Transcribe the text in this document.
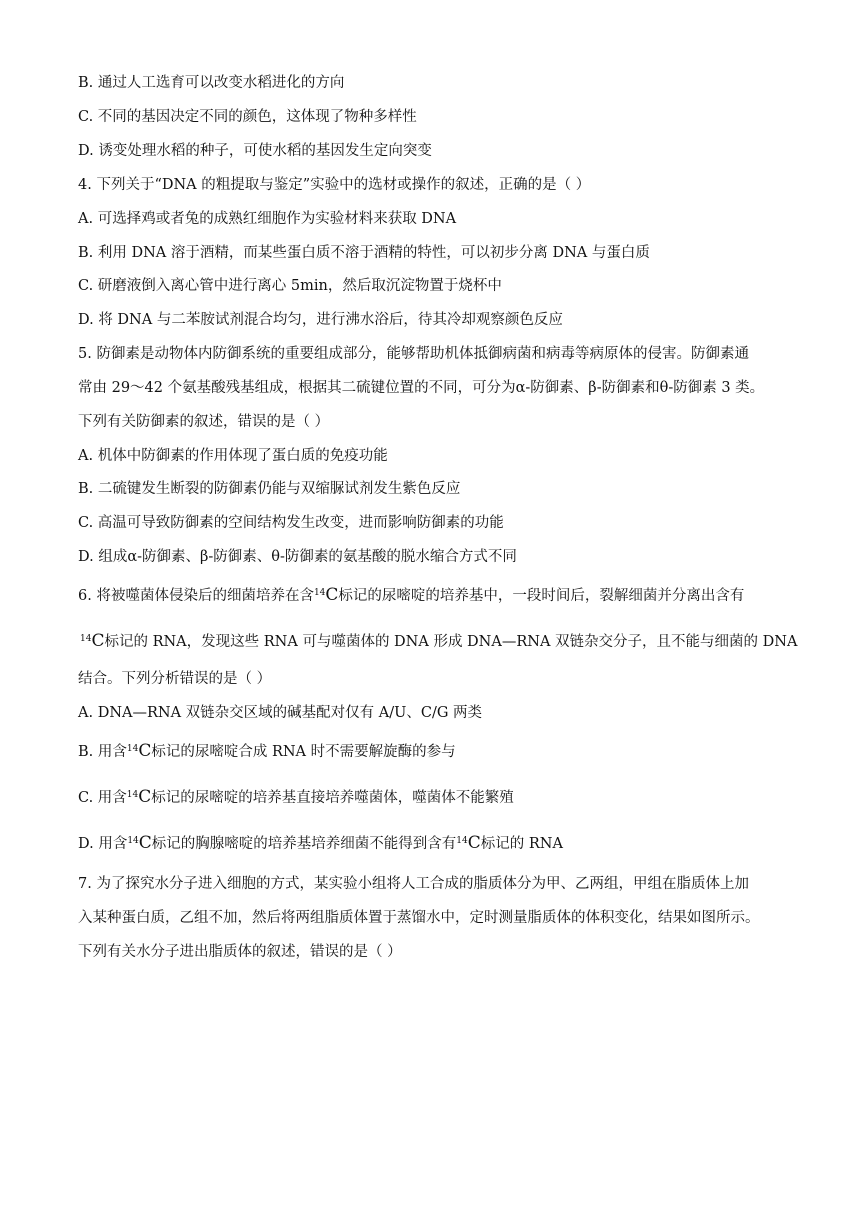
B. 通过人工选育可以改变水稻进化的方向
C. 不同的基因决定不同的颜色，这体现了物种多样性
D. 诱变处理水稻的种子，可使水稻的基因发生定向突变
4. 下列关于“DNA 的粗提取与鉴定”实验中的选材或操作的叙述，正确的是（ ）
A. 可选择鸡或者兔的成熟红细胞作为实验材料来获取 DNA
B. 利用 DNA 溶于酒精，而某些蛋白质不溶于酒精的特性，可以初步分离 DNA 与蛋白质
C. 研磨液倒入离心管中进行离心 5min，然后取沉淀物置于烧杯中
D. 将 DNA 与二苯胺试剂混合均匀，进行沸水浴后，待其冷却观察颜色反应
5. 防御素是动物体内防御系统的重要组成部分，能够帮助机体抵御病菌和病毒等病原体的侵害。防御素通
常由 29～42 个氨基酸残基组成，根据其二硫键位置的不同，可分为α-防御素、β-防御素和θ-防御素 3 类。
下列有关防御素的叙述，错误的是（ ）
A. 机体中防御素的作用体现了蛋白质的免疫功能
B. 二硫键发生断裂的防御素仍能与双缩脲试剂发生紫色反应
C. 高温可导致防御素的空间结构发生改变，进而影响防御素的功能
D. 组成α-防御素、β-防御素、θ-防御素的氨基酸的脱水缩合方式不同
6. 将被噬菌体侵染后的细菌培养在含$^{14}$C标记的尿嘧啶的培养基中，一段时间后，裂解细菌并分离出含有
$^{14}$C标记的 RNA，发现这些 RNA 可与噬菌体的 DNA 形成 DNA—RNA 双链杂交分子，且不能与细菌的 DNA
结合。下列分析错误的是（ ）
A. DNA—RNA 双链杂交区域的碱基配对仅有 A/U、C/G 两类
B. 用含$^{14}$C标记的尿嘧啶合成 RNA 时不需要解旋酶的参与
C. 用含$^{14}$C标记的尿嘧啶的培养基直接培养噬菌体，噬菌体不能繁殖
D. 用含$^{14}$C标记的胸腺嘧啶的培养基培养细菌不能得到含有$^{14}$C标记的 RNA
7. 为了探究水分子进入细胞的方式，某实验小组将人工合成的脂质体分为甲、乙两组，甲组在脂质体上加
入某种蛋白质，乙组不加，然后将两组脂质体置于蒸馏水中，定时测量脂质体的体积变化，结果如图所示。
下列有关水分子进出脂质体的叙述，错误的是（ ）
